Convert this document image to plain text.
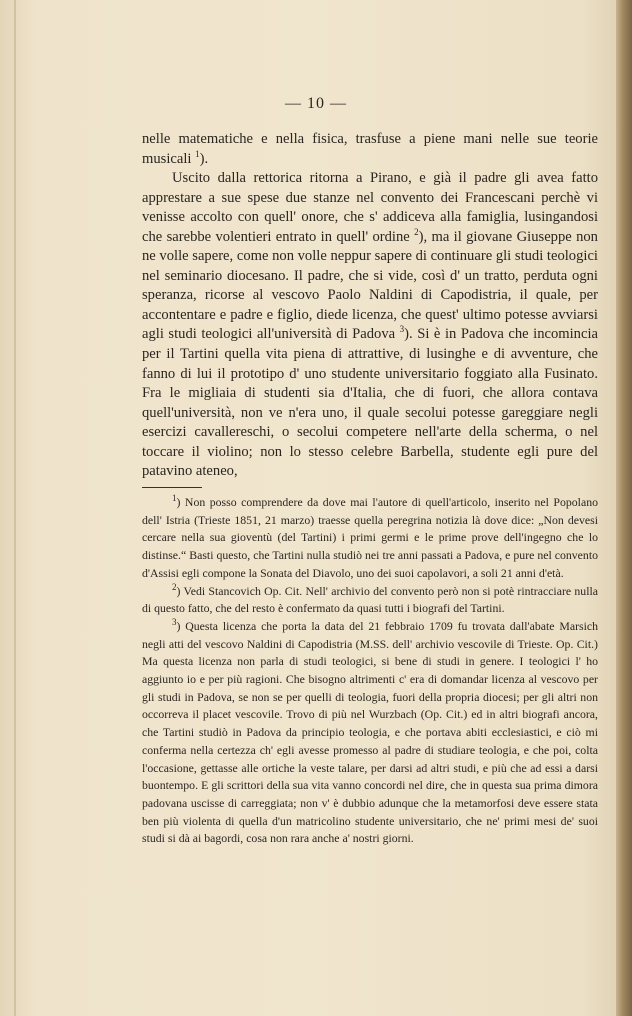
— 10 —

nelle matematiche e nella fisica, trasfuse a piene mani nelle sue teorie musicali $^1$).

Uscito dalla rettorica ritorna a Pirano, e già il padre gli avea fatto apprestare a sue spese due stanze nel convento dei Francescani perchè vi venisse accolto con quell' onore, che s' addiceva alla famiglia, lusingandosi che sarebbe volentieri entrato in quell' ordine $^2$), ma il giovane Giuseppe non ne volle sapere, come non volle neppur sapere di continuare gli studi teologici nel seminario diocesano. Il padre, che si vide, così d' un tratto, perduta ogni speranza, ricorse al vescovo Paolo Naldini di Capodistria, il quale, per accontentare e padre e figlio, diede licenza, che quest' ultimo potesse avviarsi agli studi teologici all'università di Padova $^3$). Si è in Padova che incomincia per il Tartini quella vita piena di attrattive, di lusinghe e di avventure, che fanno di lui il prototipo d' uno studente universitario foggiato alla Fusinato. Fra le migliaia di studenti sia d'Italia, che di fuori, che allora contava quell'università, non ve n'era uno, il quale secolui potesse gareggiare negli esercizi cavallereschi, o secolui competere nell'arte della scherma, o nel toccare il violino; non lo stesso celebre Barbella, studente egli pure del patavino ateneo,

$^1$) Non posso comprendere da dove mai l'autore di quell'articolo, inserito nel Popolano dell' Istria (Trieste 1851, 21 marzo) traesse quella peregrina notizia là dove dice: „Non devesi cercare nella sua gioventù (del Tartini) i primi germi e le prime prove dell'ingegno che lo distinse.“ Basti questo, che Tartini nulla studiò nei tre anni passati a Padova, e pure nel convento d'Assisi egli compone la Sonata del Diavolo, uno dei suoi capolavori, a soli 21 anni d'età.

$^2$) Vedi Stancovich Op. Cit. Nell' archivio del convento però non si potè rintracciare nulla di questo fatto, che del resto è confermato da quasi tutti i biografi del Tartini.

$^3$) Questa licenza che porta la data del 21 febbraio 1709 fu trovata dall'abate Marsich negli atti del vescovo Naldini di Capodistria (M.SS. dell' archivio vescovile di Trieste. Op. Cit.) Ma questa licenza non parla di studi teologici, si bene di studi in genere. I teologici l' ho aggiunto io e per più ragioni. Che bisogno altrimenti c' era di domandar licenza al vescovo per gli studi in Padova, se non se per quelli di teologia, fuori della propria diocesi; per gli altri non occorreva il placet vescovile. Trovo di più nel Wurzbach (Op. Cit.) ed in altri biografi ancora, che Tartini studiò in Padova da principio teologia, e che portava abiti ecclesiastici, e ciò mi conferma nella certezza ch' egli avesse promesso al padre di studiare teologia, e che poi, colta l'occasione, gettasse alle ortiche la veste talare, per darsi ad altri studi, e più che ad essi a darsi buontempo. E gli scrittori della sua vita vanno concordi nel dire, che in questa sua prima dimora padovana uscisse di carreggiata; non v' è dubbio adunque che la metamorfosi deve essere stata ben più violenta di quella d'un matricolino studente universitario, che ne' primi mesi de' suoi studi si dà ai bagordi, cosa non rara anche a' nostri giorni.
